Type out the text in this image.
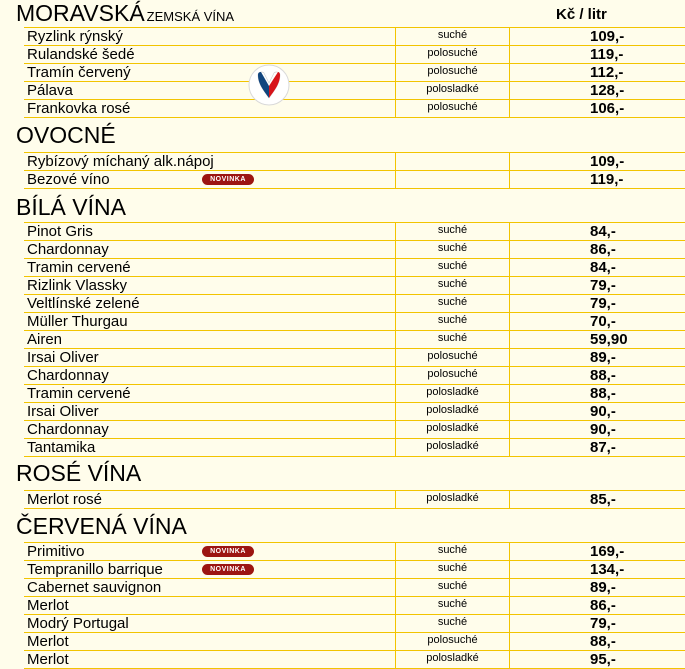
MORAVSKÁ ZEMSKÁ VÍNA	Kč / litr
Ryzlink rýnský	suché	109,-
Rulandské šedé	polosuché	119,-
Tramín červený	polosuché	112,-
Pálava	polosladké	128,-
Frankovka rosé	polosuché	106,-
OVOCNÉ
Rybízový míchaný alk.nápoj	109,-
Bezové víno	NOVINKA	119,-
BÍLÁ VÍNA
Pinot Gris	suché	84,-
Chardonnay	suché	86,-
Tramin cervené	suché	84,-
Rizlink Vlassky	suché	79,-
Veltlínské zelené	suché	79,-
Müller Thurgau	suché	70,-
Airen	suché	59,90
Irsai Oliver	polosuché	89,-
Chardonnay	polosuché	88,-
Tramin cervené	polosladké	88,-
Irsai Oliver	polosladké	90,-
Chardonnay	polosladké	90,-
Tantamika	polosladké	87,-
ROSÉ VÍNA
Merlot rosé	polosladké	85,-
ČERVENÁ VÍNA
Primitivo	NOVINKA	suché	169,-
Tempranillo barrique	NOVINKA	suché	134,-
Cabernet sauvignon	suché	89,-
Merlot	suché	86,-
Modrý Portugal	suché	79,-
Merlot	polosuché	88,-
Merlot	polosladké	95,-
